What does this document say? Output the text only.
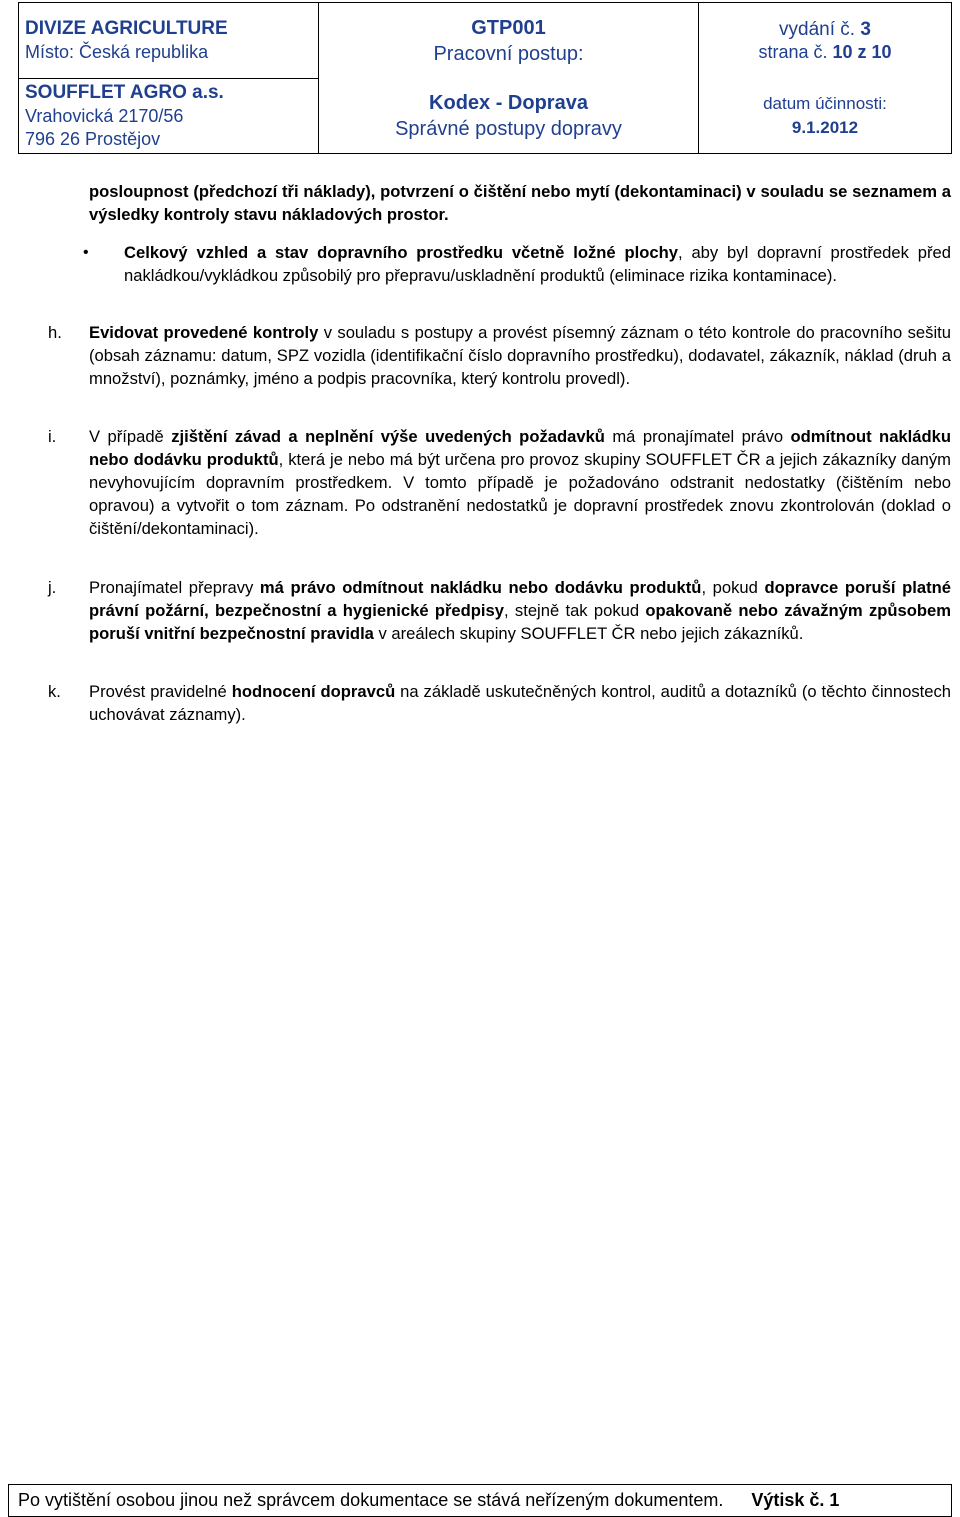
DIVIZE AGRICULTURE
Místo: Česká republika
SOUFFLET AGRO a.s.
Vrahovická 2170/56
796 26 Prostějov
GTP001
Pracovní postup:
Kodex - Doprava
Správné postupy dopravy
vydání č. 3
strana č. 10 z 10
datum účinnosti:
9.1.2012
posloupnost (předchozí tři náklady), potvrzení o čištění nebo mytí (dekontaminaci) v souladu se seznamem a výsledky kontroly stavu nákladových prostor.
• Celkový vzhled a stav dopravního prostředku včetně ložné plochy, aby byl dopravní prostředek před nakládkou/vykládkou způsobilý pro přepravu/uskladnění produktů (eliminace rizika kontaminace).
h. Evidovat provedené kontroly v souladu s postupy a provést písemný záznam o této kontrole do pracovního sešitu (obsah záznamu: datum, SPZ vozidla (identifikační číslo dopravního prostředku), dodavatel, zákazník, náklad (druh a množství), poznámky, jméno a podpis pracovníka, který kontrolu provedl).
i. V případě zjištění závad a neplnění výše uvedených požadavků má pronajímatel právo odmítnout nakládku nebo dodávku produktů, která je nebo má být určena pro provoz skupiny SOUFFLET ČR a jejich zákazníky daným nevyhovujícím dopravním prostředkem. V tomto případě je požadováno odstranit nedostatky (čištěním nebo opravou) a vytvořit o tom záznam. Po odstranění nedostatků je dopravní prostředek znovu zkontrolován (doklad o čištění/dekontaminaci).
j. Pronajímatel přepravy má právo odmítnout nakládku nebo dodávku produktů, pokud dopravce poruší platné právní požární, bezpečnostní a hygienické předpisy, stejně tak pokud opakovaně nebo závažným způsobem poruší vnitřní bezpečnostní pravidla v areálech skupiny SOUFFLET ČR nebo jejich zákazníků.
k. Provést pravidelné hodnocení dopravců na základě uskutečněných kontrol, auditů a dotazníků (o těchto činnostech uchovávat záznamy).
Po vytištění osobou jinou než správcem dokumentace se stává neřízeným dokumentem. Výtisk č. 1
